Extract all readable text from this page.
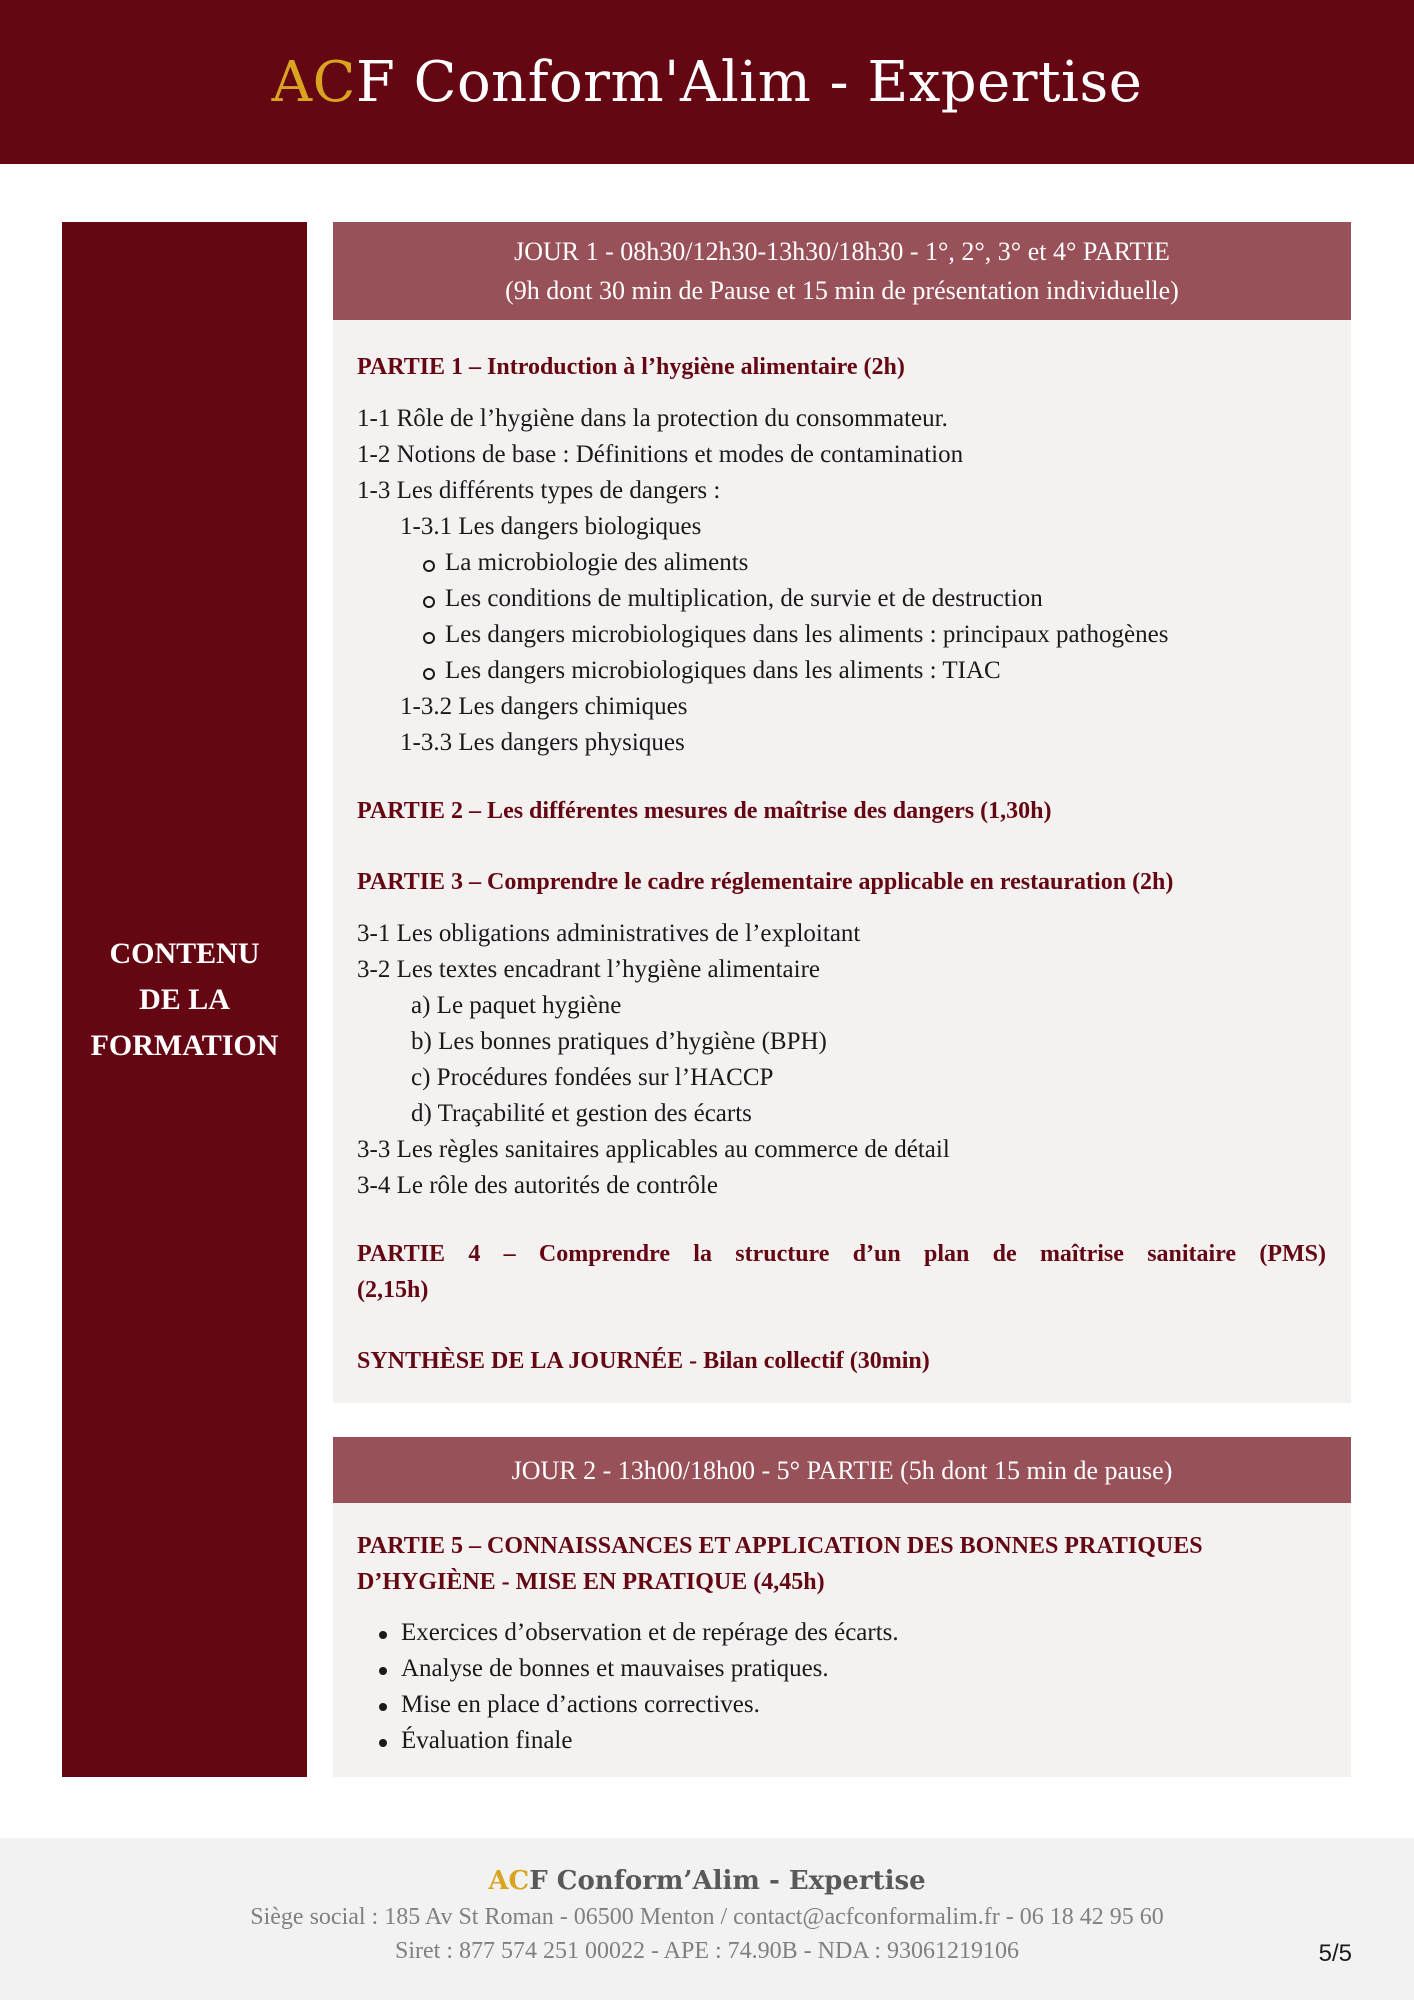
ACF Conform'Alim - Expertise
CONTENU
DE LA
FORMATION
JOUR 1 - 08h30/12h30-13h30/18h30 - 1°, 2°, 3° et 4° PARTIE
(9h dont 30 min de Pause et 15 min de présentation individuelle)
PARTIE 1 – Introduction à l’hygiène alimentaire (2h)
1-1 Rôle de l’hygiène dans la protection du consommateur.
1-2 Notions de base : Définitions et modes de contamination
1-3 Les différents types de dangers :
1-3.1 Les dangers biologiques
La microbiologie des aliments
Les conditions de multiplication, de survie et de destruction
Les dangers microbiologiques dans les aliments : principaux pathogènes
Les dangers microbiologiques dans les aliments : TIAC
1-3.2 Les dangers chimiques
1-3.3 Les dangers physiques
PARTIE 2 – Les différentes mesures de maîtrise des dangers (1,30h)
PARTIE 3 – Comprendre le cadre réglementaire applicable en restauration (2h)
3-1 Les obligations administratives de l’exploitant
3-2 Les textes encadrant l’hygiène alimentaire
a) Le paquet hygiène
b) Les bonnes pratiques d’hygiène (BPH)
c) Procédures fondées sur l’HACCP
d) Traçabilité et gestion des écarts
3-3 Les règles sanitaires applicables au commerce de détail
3-4 Le rôle des autorités de contrôle
PARTIE 4 – Comprendre la structure d’un plan de maîtrise sanitaire (PMS)
(2,15h)
SYNTHÈSE DE LA JOURNÉE - Bilan collectif (30min)
JOUR 2 - 13h00/18h00 - 5° PARTIE (5h dont 15 min de pause)
PARTIE 5 – CONNAISSANCES ET APPLICATION DES BONNES PRATIQUES
D’HYGIÈNE - MISE EN PRATIQUE (4,45h)
Exercices d’observation et de repérage des écarts.
Analyse de bonnes et mauvaises pratiques.
Mise en place d’actions correctives.
Évaluation finale
ACF Conform’Alim - Expertise
Siège social : 185 Av St Roman - 06500 Menton / contact@acfconformalim.fr - 06 18 42 95 60
Siret : 877 574 251 00022 - APE : 74.90B - NDA : 93061219106	5/5
